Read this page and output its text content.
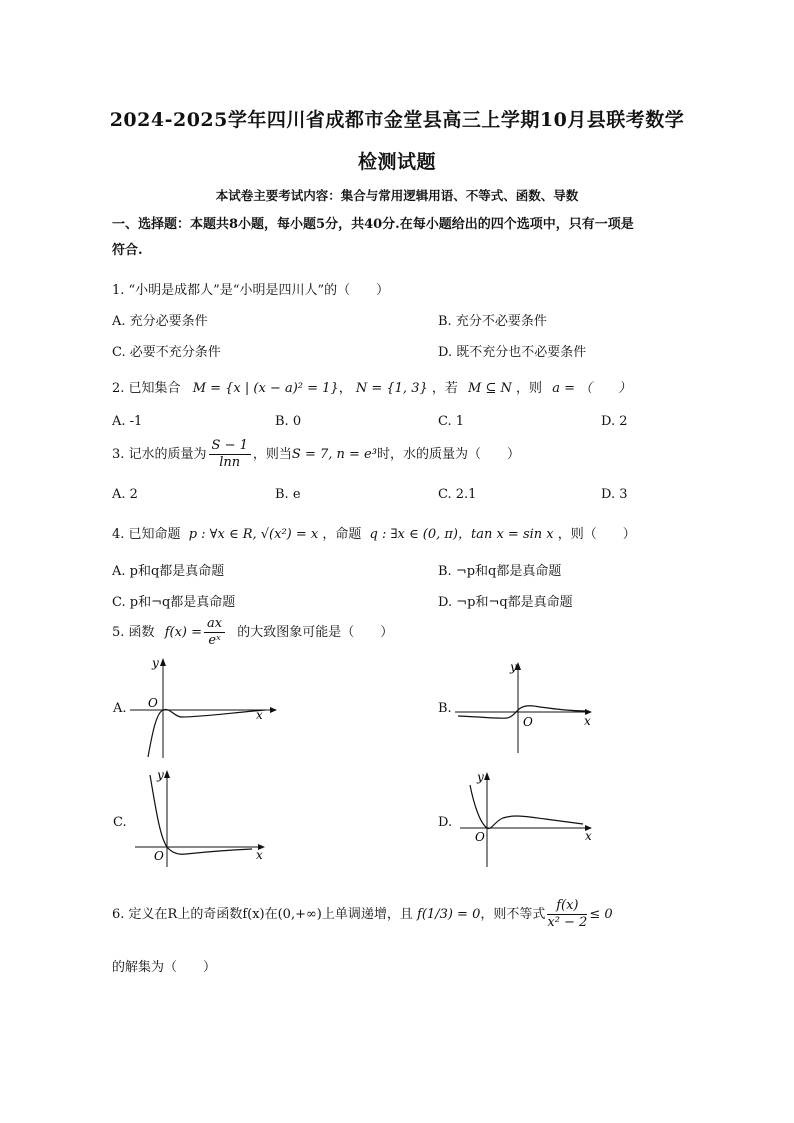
2024-2025学年四川省成都市金堂县高三上学期10月县联考数学
检测试题
本试卷主要考试内容：集合与常用逻辑用语、不等式、函数、导数
一、选择题：本题共8小题，每小题5分，共40分.在每小题给出的四个选项中，只有一项是
符合.
1. “小明是成都人”是“小明是四川人”的（　　）
A. 充分必要条件	B. 充分不必要条件
C. 必要不充分条件	D. 既不充分也不必要条件
2. 已知集合 M = {x | (x − a)² = 1}， N = {1, 3} ，若 M ⊆ N ，则 a = （　　）
A. -1	B. 0	C. 1	D. 2
3. 记水的质量为 $\frac{S - 1}{\ln n}$ ，则当S = 7, n = e³时，水的质量为（　　）
A. 2	B. e	C. 2.1	D. 3
4. 已知命题 p : ∀x ∈ R, √(x²) = x ，命题 q : ∃x ∈ (0, π)，tan x = sin x ，则（　　）
A. p和q都是真命题	B. ¬p和q都是真命题
C. p和¬q都是真命题	D. ¬p和¬q都是真命题
5. 函数 $f(x) = \frac{ax}{\text{eˣ}}$ 的大致图象可能是（　　）
A.	B.
C.	D.
y
x
O
y
x
O
y
x
O
y
x
O
6. 定义在R上的奇函数f(x)在(0,+∞)上单调递增，且 f(1/3) = 0，则不等式 $\frac{f(x)}{\text{x² − 2}} \le 0$
的解集为（　　）
